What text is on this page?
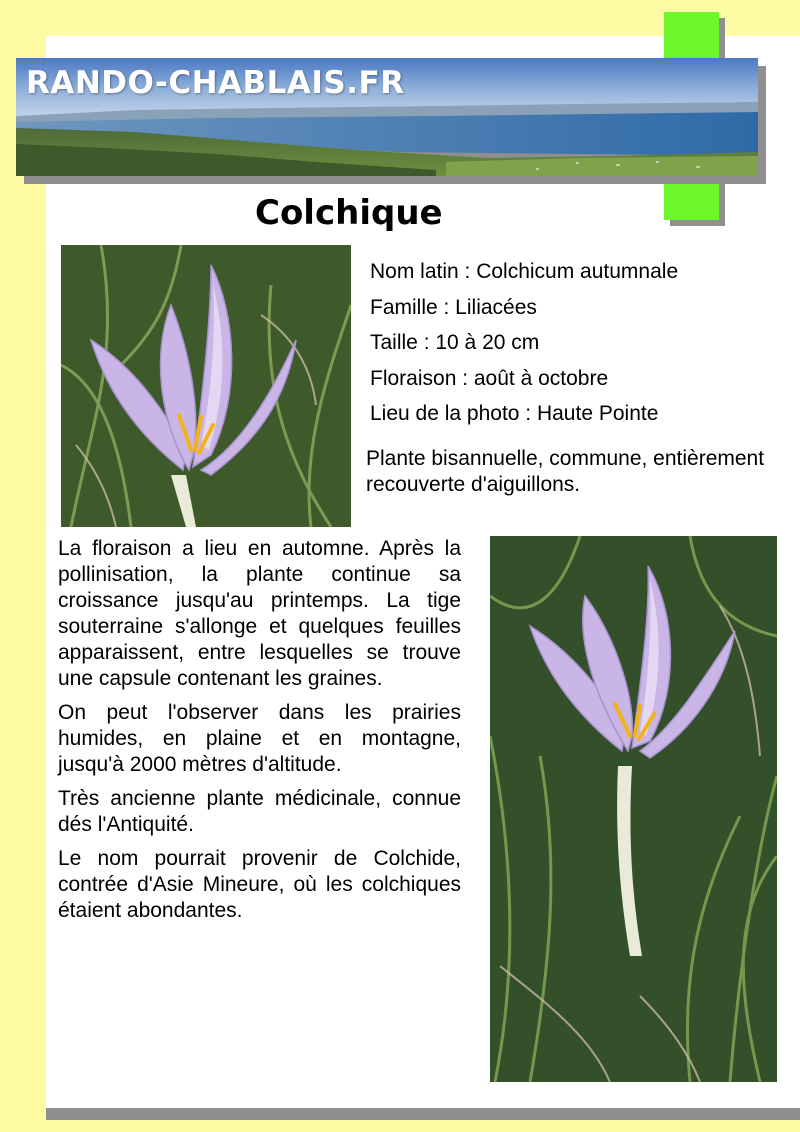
RANDO-CHABLAIS.FR
Colchique
Nom latin : Colchicum autumnale
Famille : Liliacées
Taille : 10 à 20 cm
Floraison : août à octobre
Lieu de la photo : Haute Pointe
Plante bisannuelle, commune, entièrement recouverte d'aiguillons.

La floraison a lieu en automne. Après la pollinisation, la plante continue sa croissance jusqu'au printemps. La tige souterraine s'allonge et quelques feuilles apparaissent, entre lesquelles se trouve une capsule contenant les graines.

On peut l'observer dans les prairies humides, en plaine et en montagne, jusqu'à 2000 mètres d'altitude.

Très ancienne plante médicinale, connue dés l'Antiquité.

Le nom pourrait provenir de Colchide, contrée d'Asie Mineure, où les colchiques étaient abondantes.
